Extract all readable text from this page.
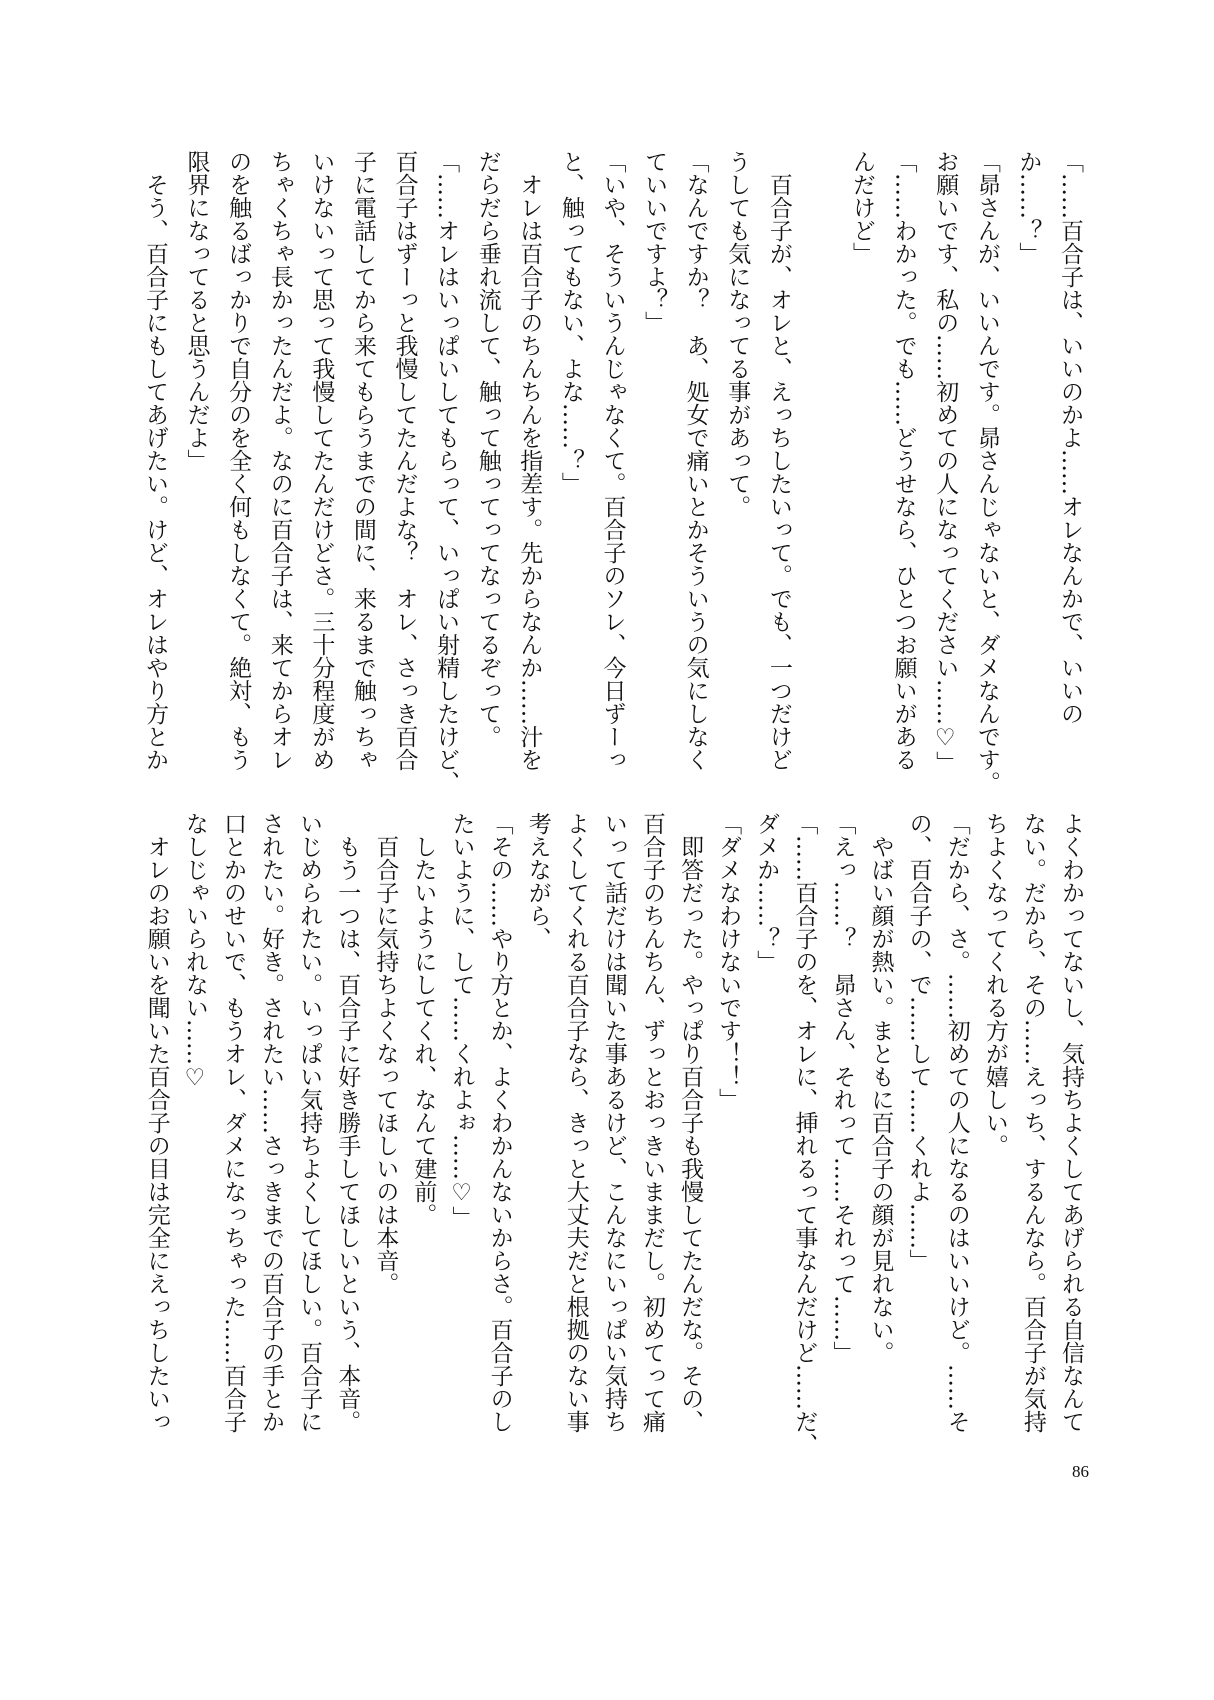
「……百合子は、いいのかよ……オレなんかで、いいの

か……？」

「昴さんが、いいんです。昴さんじゃないと、ダメなんです。

お願いです、私の……初めての人になってください……♡」

「……わかった。でも……どうせなら、ひとつお願いがある

んだけど」

　百合子が、オレと、えっちしたいって。でも、一つだけど

うしても気になってる事があって。

「なんですか？　あ、処女で痛いとかそういうの気にしなく

ていいですよ？」

「いや、そういうんじゃなくて。百合子のソレ、今日ずーっ

と、触ってもない、よな……？」

　オレは百合子のちんちんを指差す。先からなんか……汁を

だらだら垂れ流して、触って触ってってなってるぞって。

「……オレはいっぱいしてもらって、いっぱい射精したけど、

百合子はずーっと我慢してたんだよな？　オレ、さっき百合

子に電話してから来てもらうまでの間に、来るまで触っちゃ

いけないって思って我慢してたんだけどさ。三十分程度がめ

ちゃくちゃ長かったんだよ。なのに百合子は、来てからオレ

のを触るばっかりで自分のを全く何もしなくて。絶対、もう

限界になってると思うんだよ」

　そう、百合子にもしてあげたい。けど、オレはやり方とか

よくわかってないし、気持ちよくしてあげられる自信なんて

ない。だから、その……えっち、するんなら。百合子が気持

ちよくなってくれる方が嬉しい。

「だから、さ。……初めての人になるのはいいけど。……そ

の、百合子の、で……して……くれよ……」

　やばい顔が熱い。まともに百合子の顔が見れない。

「えっ……？　昴さん、それって……それって……」

「……百合子のを、オレに、挿れるって事なんだけど……だ、

ダメか……？」

「ダメなわけないです！！」

　即答だった。やっぱり百合子も我慢してたんだな。その、

百合子のちんちん、ずっとおっきいままだし。初めてって痛

いって話だけは聞いた事あるけど、こんなにいっぱい気持ち

よくしてくれる百合子なら、きっと大丈夫だと根拠のない事

考えながら、

「その……やり方とか、よくわかんないからさ。百合子のし

たいように、して……くれよぉ……♡」

　したいようにしてくれ、なんて建前。

　百合子に気持ちよくなってほしいのは本音。

　もう一つは、百合子に好き勝手してほしいという、本音。

いじめられたい。いっぱい気持ちよくしてほしい。百合子に

されたい。好き。されたい……さっきまでの百合子の手とか

口とかのせいで、もうオレ、ダメになっちゃった……百合子

なしじゃいられない……♡

　オレのお願いを聞いた百合子の目は完全にえっちしたいっ

86
